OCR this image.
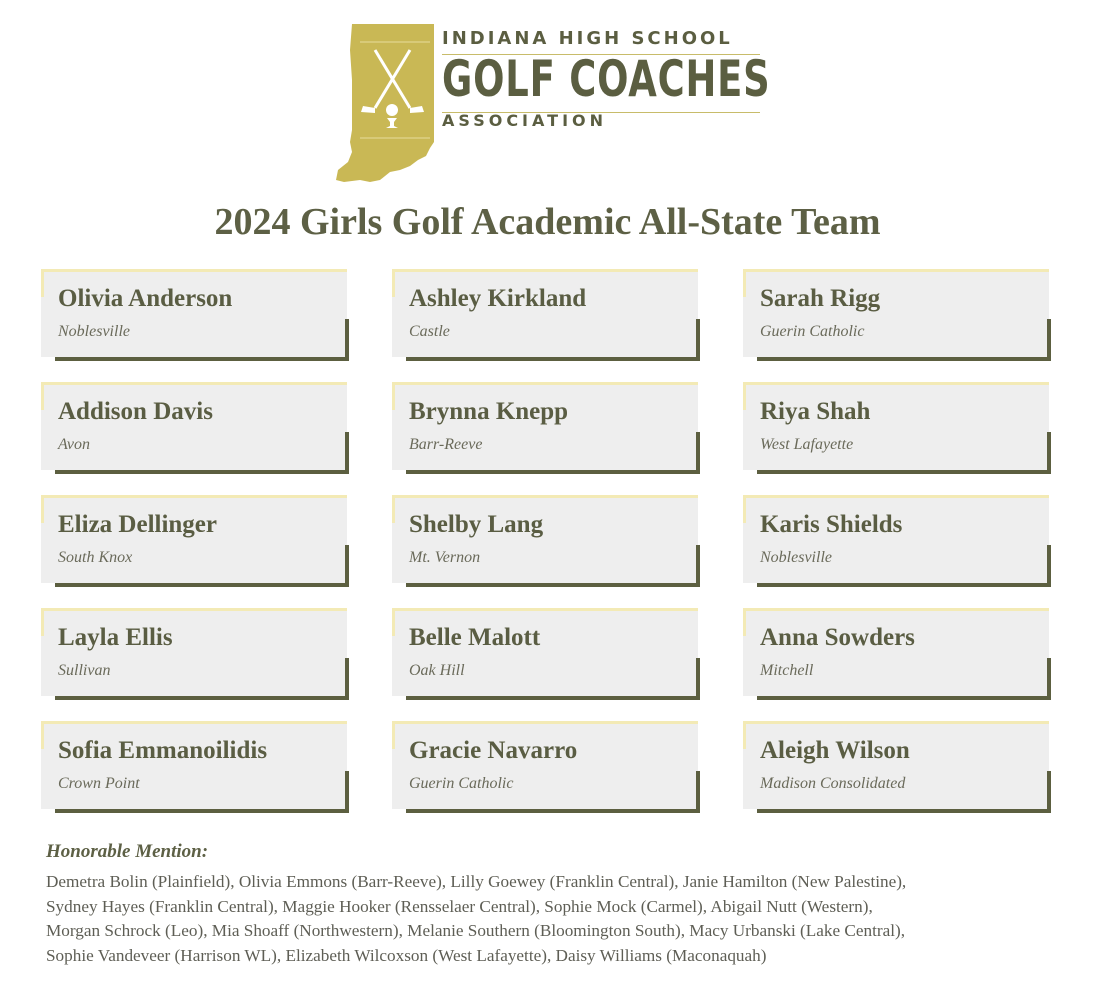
INDIANA HIGH SCHOOL
GOLF COACHES
ASSOCIATION
2024 Girls Golf Academic All-State Team
Olivia Anderson
Noblesville
Ashley Kirkland
Castle
Sarah Rigg
Guerin Catholic
Addison Davis
Avon
Brynna Knepp
Barr-Reeve
Riya Shah
West Lafayette
Eliza Dellinger
South Knox
Shelby Lang
Mt. Vernon
Karis Shields
Noblesville
Layla Ellis
Sullivan
Belle Malott
Oak Hill
Anna Sowders
Mitchell
Sofia Emmanoilidis
Crown Point
Gracie Navarro
Guerin Catholic
Aleigh Wilson
Madison Consolidated
Honorable Mention:
Demetra Bolin (Plainfield), Olivia Emmons (Barr-Reeve), Lilly Goewey (Franklin Central), Janie Hamilton (New Palestine),
Sydney Hayes (Franklin Central), Maggie Hooker (Rensselaer Central), Sophie Mock (Carmel), Abigail Nutt (Western),
Morgan Schrock (Leo), Mia Shoaff (Northwestern), Melanie Southern (Bloomington South), Macy Urbanski (Lake Central),
Sophie Vandeveer (Harrison WL), Elizabeth Wilcoxson (West Lafayette), Daisy Williams (Maconaquah)
